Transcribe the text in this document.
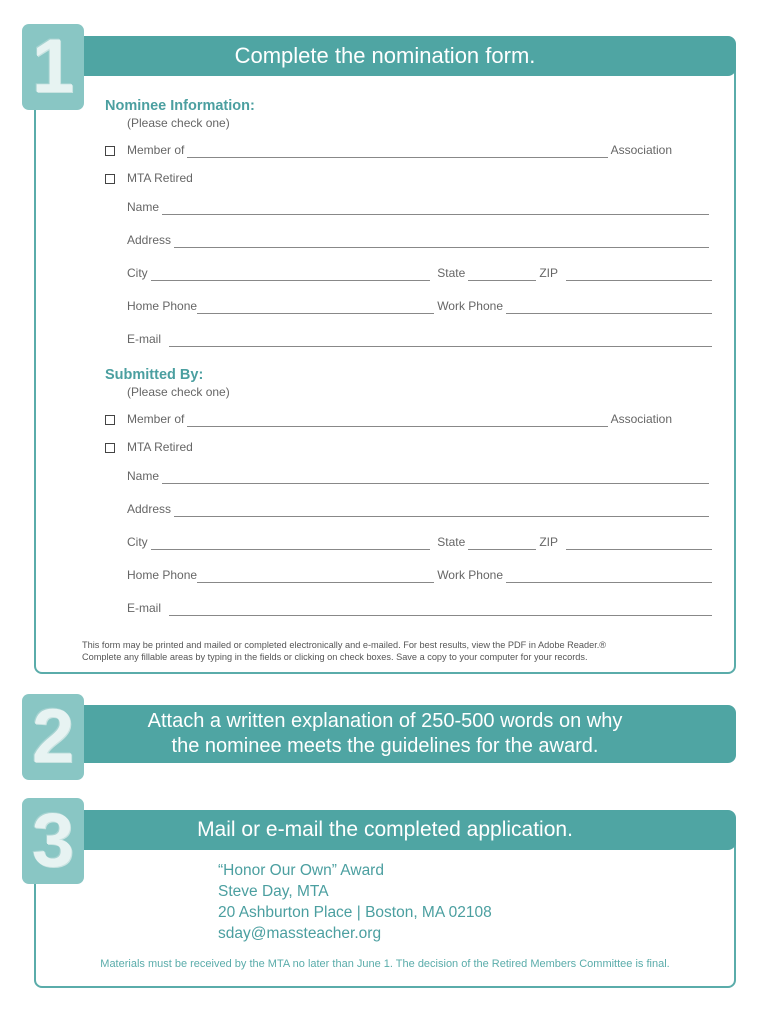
Complete the nomination form.
1 Nominee Information:
(Please check one)
Member of	Association
MTA Retired
Name
Address
City	State	ZIP
Home Phone	Work Phone
E-mail
Submitted By:
(Please check one)
Member of	Association
MTA Retired
Name
Address
City	State	ZIP
Home Phone	Work Phone
E-mail
This form may be printed and mailed or completed electronically and e-mailed. For best results, view the PDF in Adobe Reader.®
Complete any fillable areas by typing in the fields or clicking on check boxes. Save a copy to your computer for your records.
Attach a written explanation of 250-500 words on why
the nominee meets the guidelines for the award.
2
Mail or e-mail the completed application.
3	“Honor Our Own” Award
Steve Day, MTA
20 Ashburton Place | Boston, MA 02108
sday@massteacher.org
Materials must be received by the MTA no later than June 1. The decision of the Retired Members Committee is final.
